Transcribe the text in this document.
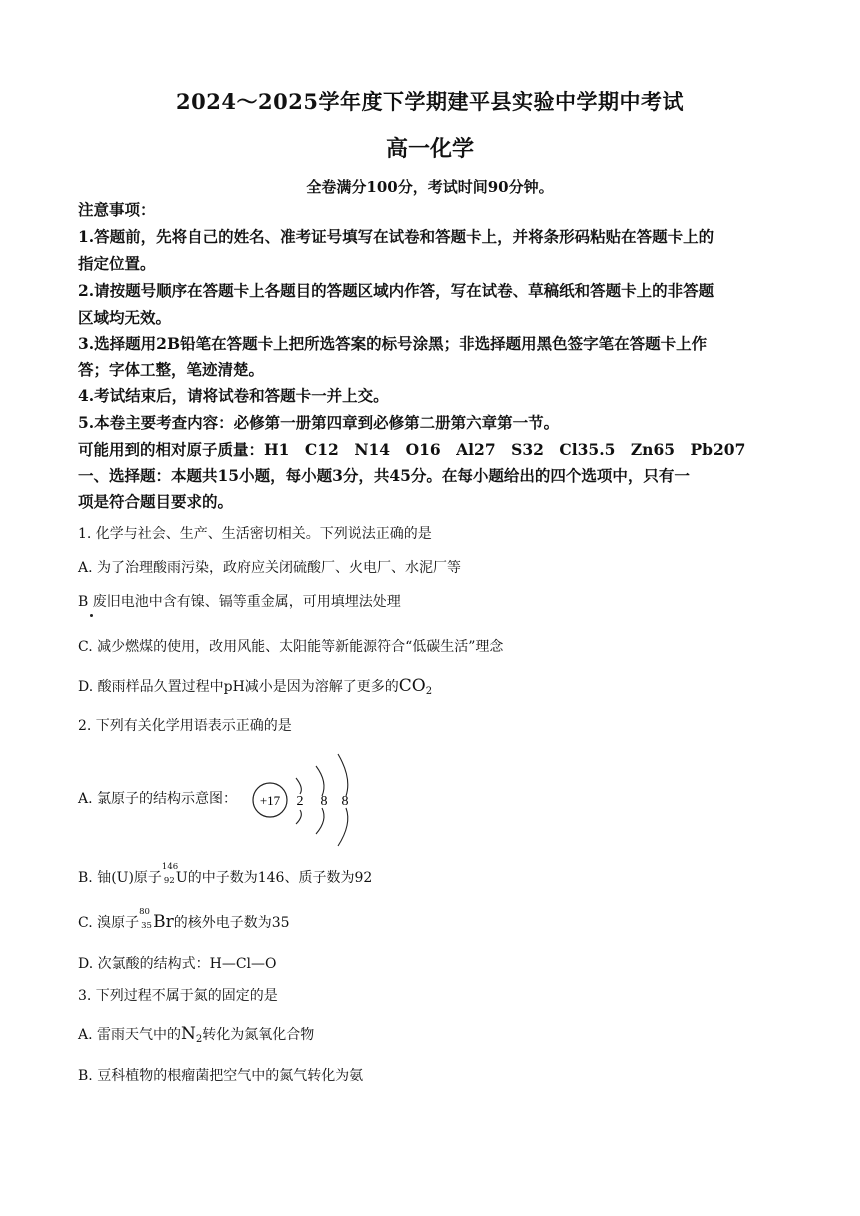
2024～2025学年度下学期建平县实验中学期中考试
高一化学
全卷满分100分，考试时间90分钟。
注意事项：
1.答题前，先将自己的姓名、准考证号填写在试卷和答题卡上，并将条形码粘贴在答题卡上的
指定位置。
2.请按题号顺序在答题卡上各题目的答题区域内作答，写在试卷、草稿纸和答题卡上的非答题
区域均无效。
3.选择题用2B铅笔在答题卡上把所选答案的标号涂黑；非选择题用黑色签字笔在答题卡上作
答；字体工整，笔迹清楚。
4.考试结束后，请将试卷和答题卡一并上交。
5.本卷主要考查内容：必修第一册第四章到必修第二册第六章第一节。
可能用到的相对原子质量：H1　C12　N14　O16　Al27　S32　Cl35.5　Zn65　Pb207
一、选择题：本题共15小题，每小题3分，共45分。在每小题给出的四个选项中，只有一
项是符合题目要求的。
1. 化学与社会、生产、生活密切相关。下列说法正确的是
A. 为了治理酸雨污染，政府应关闭硫酸厂、火电厂、水泥厂等
B 废旧电池中含有镍、镉等重金属，可用填埋法处理
C. 减少燃煤的使用，改用风能、太阳能等新能源符合“低碳生活”理念
D. 酸雨样品久置过程中pH减小是因为溶解了更多的$CO_2$
2. 下列有关化学用语表示正确的是
A. 氯原子的结构示意图：	+17 2 8 8
B. 铀(U)原子
146
92 U的中子数为146、质子数为92
C. 溴原子
80
35 Br的核外电子数为35
D. 次氯酸的结构式：H—Cl—O
3. 下列过程不属于氮的固定的是
A. 雷雨天气中的$N_2$转化为氮氧化合物
B. 豆科植物的根瘤菌把空气中的氮气转化为氨
